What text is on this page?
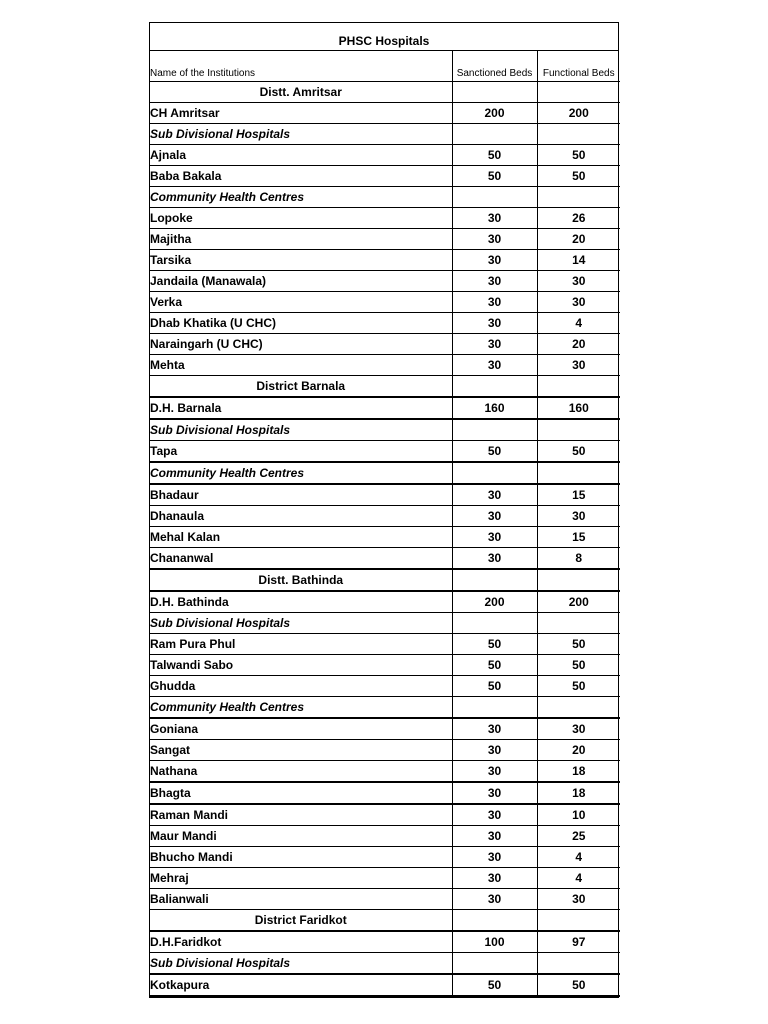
PHSC Hospitals
Name of the Institutions	Sanctioned Beds	Functional Beds
Distt. Amritsar		
CH Amritsar	200	200
Sub Divisional Hospitals		
Ajnala	50	50
Baba Bakala	50	50
Community Health Centres		
Lopoke	30	26
Majitha	30	20
Tarsika	30	14
Jandaila (Manawala)	30	30
Verka	30	30
Dhab Khatika (U CHC)	30	4
Naraingarh (U CHC)	30	20
Mehta	30	30
District Barnala		
D.H. Barnala	160	160
Sub Divisional Hospitals		
Tapa	50	50
Community Health Centres		
Bhadaur	30	15
Dhanaula	30	30
Mehal Kalan	30	15
Chananwal	30	8
Distt. Bathinda		
D.H. Bathinda	200	200
Sub Divisional Hospitals		
Ram Pura Phul	50	50
Talwandi Sabo	50	50
Ghudda	50	50
Community Health Centres		
Goniana	30	30
Sangat	30	20
Nathana	30	18
Bhagta	30	18
Raman Mandi	30	10
Maur Mandi	30	25
Bhucho Mandi	30	4
Mehraj	30	4
Balianwali	30	30
District Faridkot		
D.H.Faridkot	100	97
Sub Divisional Hospitals		
Kotkapura	50	50
